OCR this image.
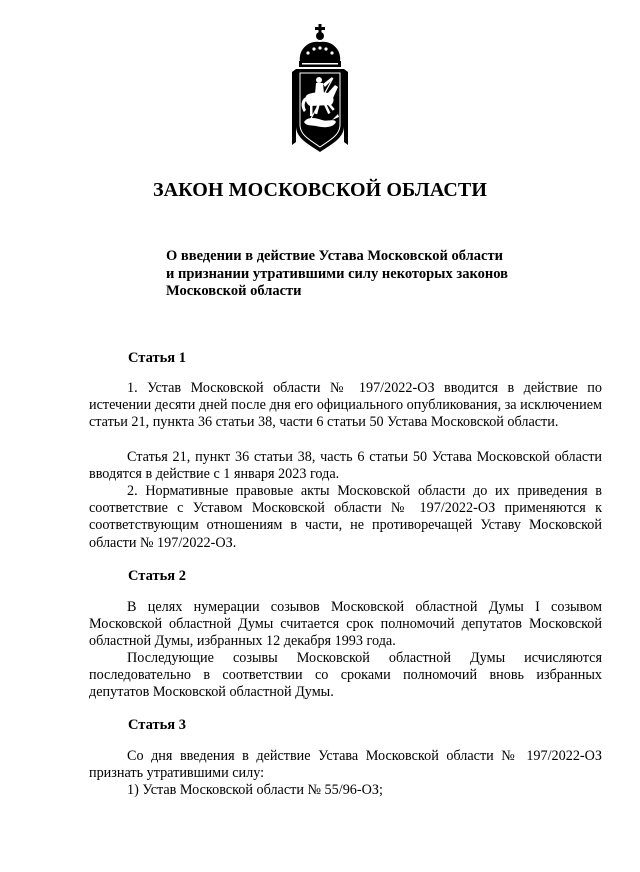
ЗАКОН МОСКОВСКОЙ ОБЛАСТИ
О введении в действие Устава Московской области
и признании утратившими силу некоторых законов
Московской области
Статья 1

1. Устав Московской области № 197/2022-ОЗ вводится в действие по истечении десяти дней после дня его официального опубликования, за исключением статьи 21, пункта 36 статьи 38, части 6 статьи 50 Устава Московской области.

Статья 21, пункт 36 статьи 38, часть 6 статьи 50 Устава Московской области вводятся в действие с 1 января 2023 года.

2. Нормативные правовые акты Московской области до их приведения в соответствие с Уставом Московской области № 197/2022-ОЗ применяются к соответствующим отношениям в части, не противоречащей Уставу Московской области № 197/2022-ОЗ.

Статья 2

В целях нумерации созывов Московской областной Думы I созывом Московской областной Думы считается срок полномочий депутатов Московской областной Думы, избранных 12 декабря 1993 года.

Последующие созывы Московской областной Думы исчисляются последовательно в соответствии со сроками полномочий вновь избранных депутатов Московской областной Думы.

Статья 3

Со дня введения в действие Устава Московской области № 197/2022-ОЗ признать утратившими силу:

1) Устав Московской области № 55/96-ОЗ;
